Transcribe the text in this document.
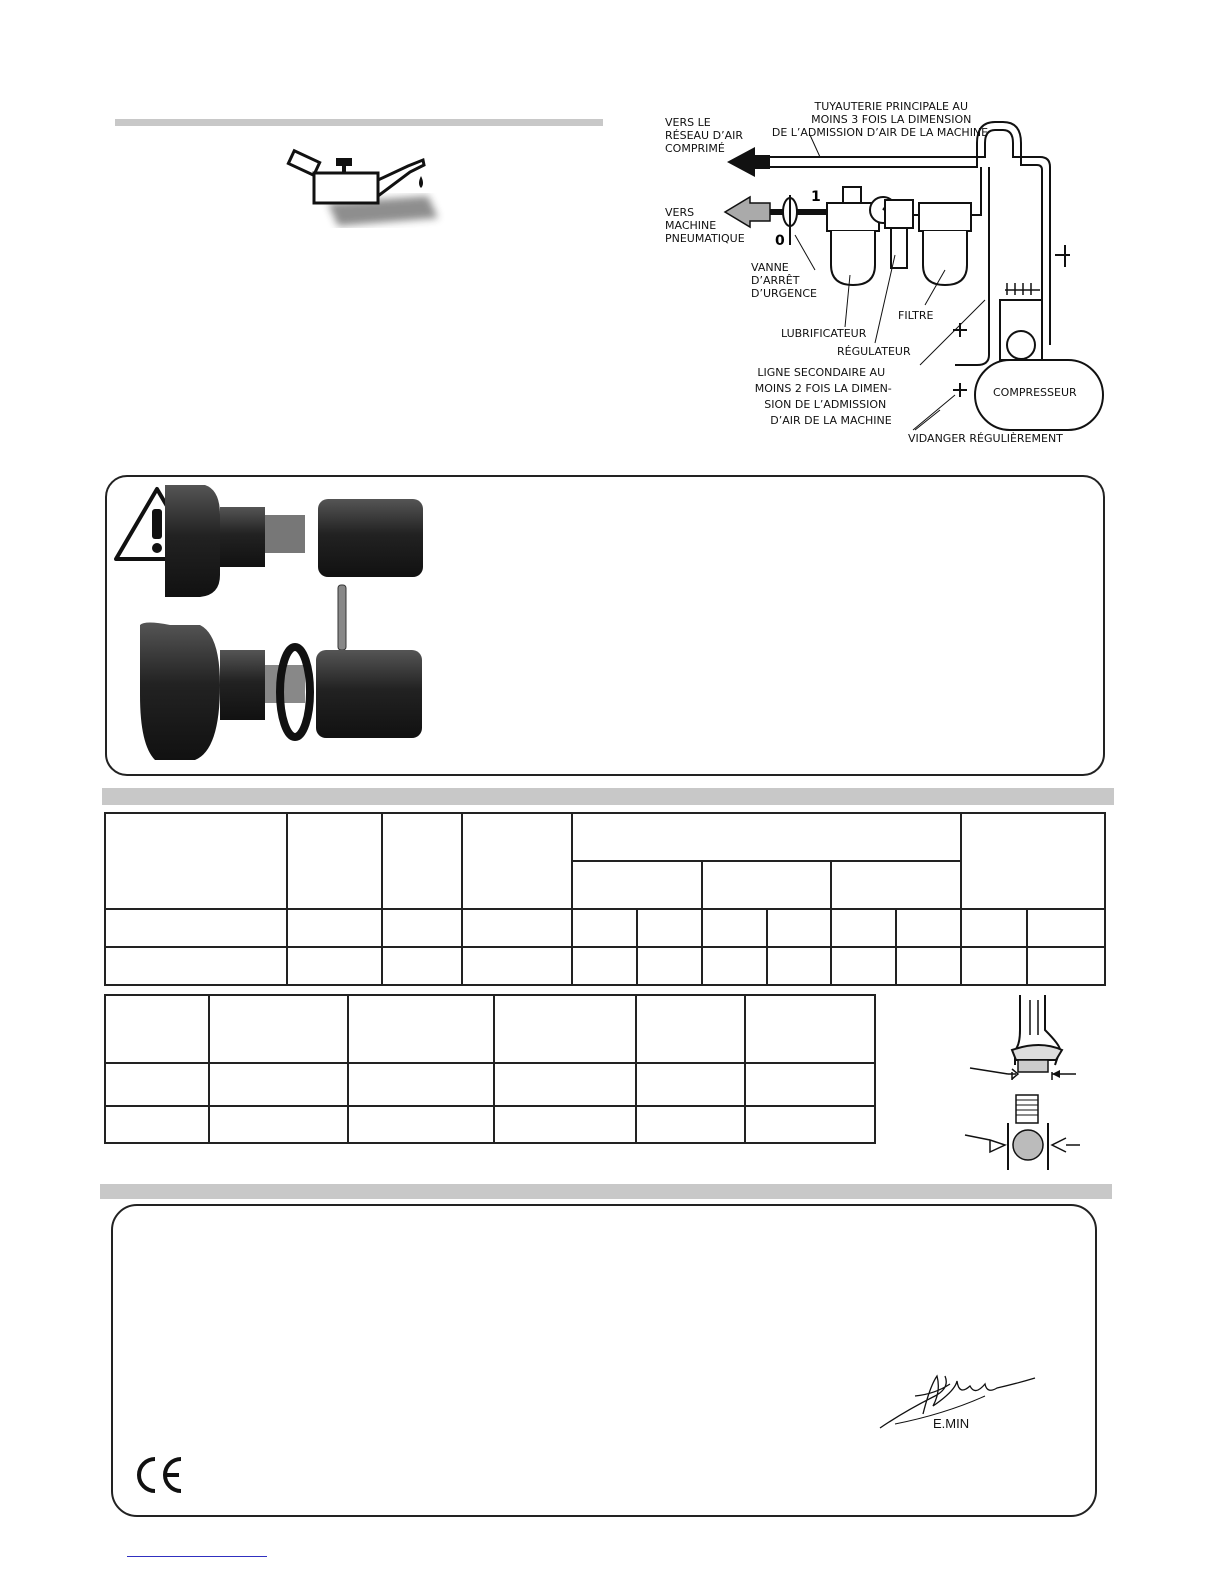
TUYAUTERIE PRINCIPALE AU MOINS 3 FOIS LA DIMENSION DE L’ADMISSION D’AIR DE LA MACHINE
VERS LE RÉSEAU D’AIR COMPRIMÉ
VERS MACHINE PNEUMATIQUE
1
0
VANNE D’ARRÊT D’URGENCE
LUBRIFICATEUR
FILTRE
RÉGULATEUR
LIGNE SECONDAIRE AU MOINS 2 FOIS LA DIMEN- SION DE L’ADMISSION D’AIR DE LA MACHINE
COMPRESSEUR
VIDANGER RÉGULIÈREMENT

E.MIN
